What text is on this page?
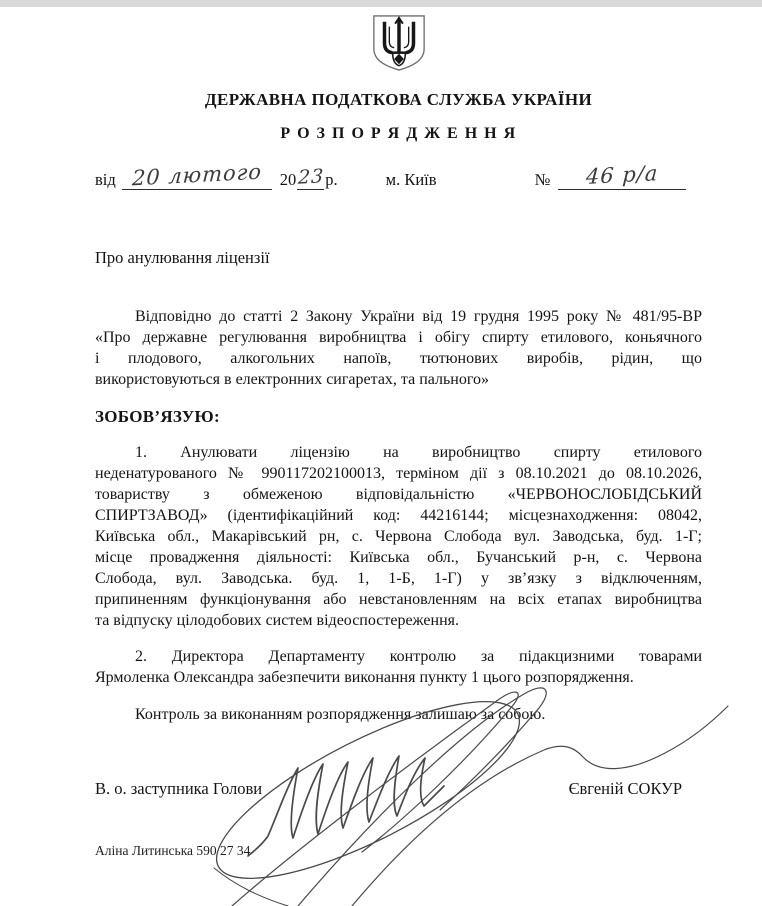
ДЕРЖАВНА ПОДАТКОВА СЛУЖБА УКРАЇНИ
Р О З П О Р Я Д Ж Е Н Н Я
від 20 лютого	20 23 р.	м. Київ	№	46 р/а
Про анулювання ліцензії
Відповідно до статті 2 Закону України від 19 грудня 1995 року № 481/95-ВР
«Про державне регулювання виробництва і обігу спирту етилового, коньячного
і плодового, алкогольних напоїв, тютюнових виробів, рідин, що
використовуються в електронних сигаретах, та пального»
ЗОБОВ’ЯЗУЮ:
1. Анулювати ліцензію на виробництво спирту етилового
неденатурованого № 990117202100013, терміном дії з 08.10.2021 до 08.10.2026,
товариству з обмеженою відповідальністю «ЧЕРВОНОСЛОБІДСЬКИЙ
СПИРТЗАВОД» (ідентифікаційний код: 44216144; місцезнаходження: 08042,
Київська обл., Макарівський рн, с. Червона Слобода вул. Заводська, буд. 1-Г;
місце провадження діяльності: Київська обл., Бучанський р-н, с. Червона
Слобода, вул. Заводська. буд. 1, 1-Б, 1-Г) у зв’язку з відключенням,
припиненням функціонування або невстановленням на всіх етапах виробництва
та відпуску цілодобових систем відеоспостереження.
2. Директора Департаменту контролю за підакцизними товарами
Ярмоленка Олександра забезпечити виконання пункту 1 цього розпорядження.
Контроль за виконанням розпорядження залишаю за собою.
В. о. заступника Голови	Євгеній СОКУР
Аліна Литинська 590 27 34
